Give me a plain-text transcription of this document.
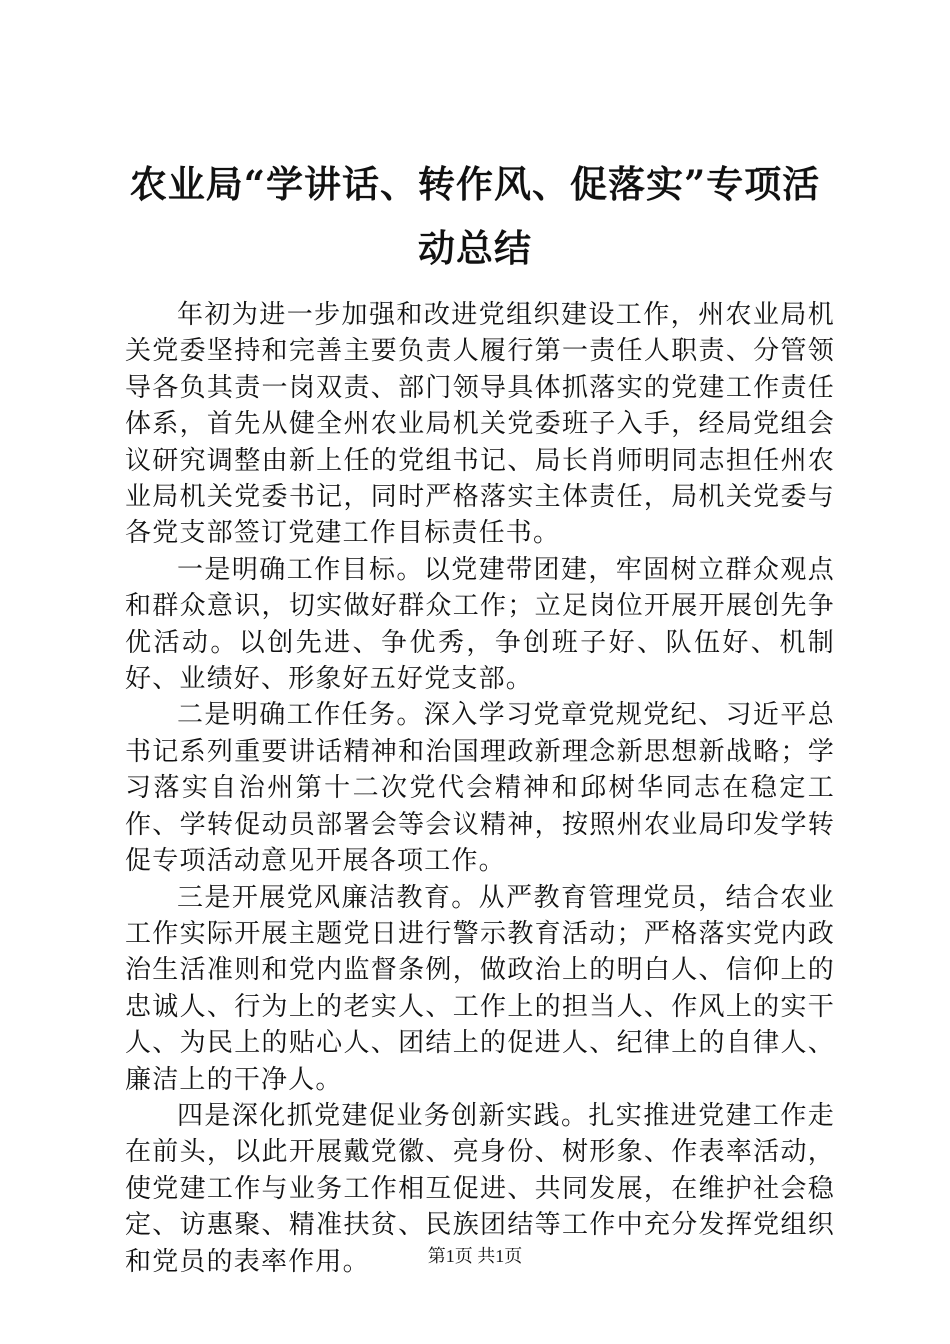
农业局“学讲话、转作风、促落实”专项活动总结

年初为进一步加强和改进党组织建设工作，州农业局机关党委坚持和完善主要负责人履行第一责任人职责、分管领导各负其责一岗双责、部门领导具体抓落实的党建工作责任体系，首先从健全州农业局机关党委班子入手，经局党组会议研究调整由新上任的党组书记、局长肖师明同志担任州农业局机关党委书记，同时严格落实主体责任，局机关党委与各党支部签订党建工作目标责任书。

一是明确工作目标。以党建带团建，牢固树立群众观点和群众意识，切实做好群众工作；立足岗位开展开展创先争优活动。以创先进、争优秀，争创班子好、队伍好、机制好、业绩好、形象好五好党支部。

二是明确工作任务。深入学习党章党规党纪、习近平总书记系列重要讲话精神和治国理政新理念新思想新战略；学习落实自治州第十二次党代会精神和邱树华同志在稳定工作、学转促动员部署会等会议精神，按照州农业局印发学转促专项活动意见开展各项工作。

三是开展党风廉洁教育。从严教育管理党员，结合农业工作实际开展主题党日进行警示教育活动；严格落实党内政治生活准则和党内监督条例，做政治上的明白人、信仰上的忠诚人、行为上的老实人、工作上的担当人、作风上的实干人、为民上的贴心人、团结上的促进人、纪律上的自律人、廉洁上的干净人。

四是深化抓党建促业务创新实践。扎实推进党建工作走在前头，以此开展戴党徽、亮身份、树形象、作表率活动，使党建工作与业务工作相互促进、共同发展，在维护社会稳定、访惠聚、精准扶贫、民族团结等工作中充分发挥党组织和党员的表率作用。	第1页 共1页
